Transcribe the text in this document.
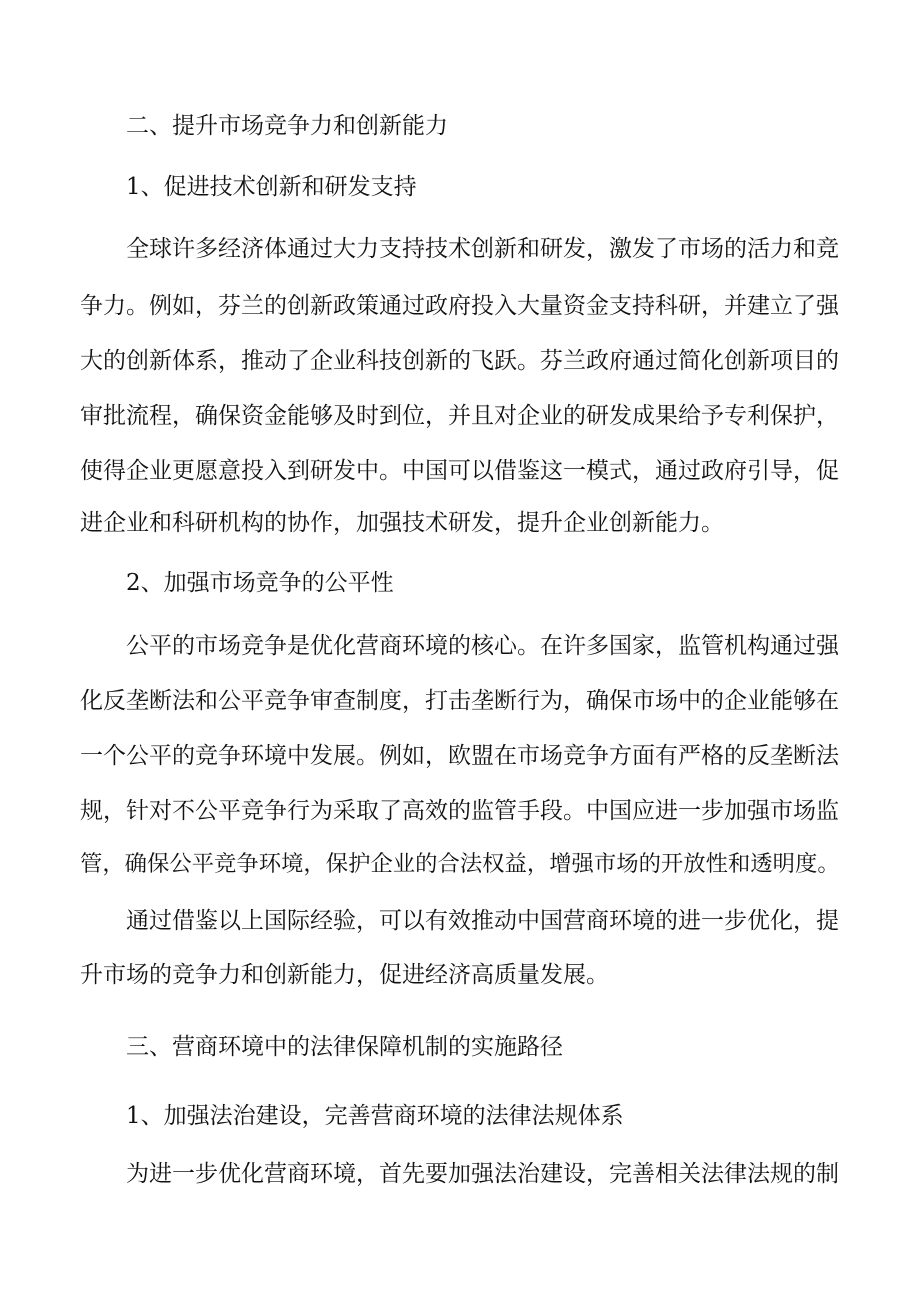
二、提升市场竞争力和创新能力
1、促进技术创新和研发支持
全球许多经济体通过大力支持技术创新和研发，激发了市场的活力和竞
争力。例如，芬兰的创新政策通过政府投入大量资金支持科研，并建立了强
大的创新体系，推动了企业科技创新的飞跃。芬兰政府通过简化创新项目的
审批流程，确保资金能够及时到位，并且对企业的研发成果给予专利保护，
使得企业更愿意投入到研发中。中国可以借鉴这一模式，通过政府引导，促
进企业和科研机构的协作，加强技术研发，提升企业创新能力。
2、加强市场竞争的公平性
公平的市场竞争是优化营商环境的核心。在许多国家，监管机构通过强
化反垄断法和公平竞争审查制度，打击垄断行为，确保市场中的企业能够在
一个公平的竞争环境中发展。例如，欧盟在市场竞争方面有严格的反垄断法
规，针对不公平竞争行为采取了高效的监管手段。中国应进一步加强市场监
管，确保公平竞争环境，保护企业的合法权益，增强市场的开放性和透明度。
通过借鉴以上国际经验，可以有效推动中国营商环境的进一步优化，提
升市场的竞争力和创新能力，促进经济高质量发展。
三、营商环境中的法律保障机制的实施路径
1、加强法治建设，完善营商环境的法律法规体系
为进一步优化营商环境，首先要加强法治建设，完善相关法律法规的制
